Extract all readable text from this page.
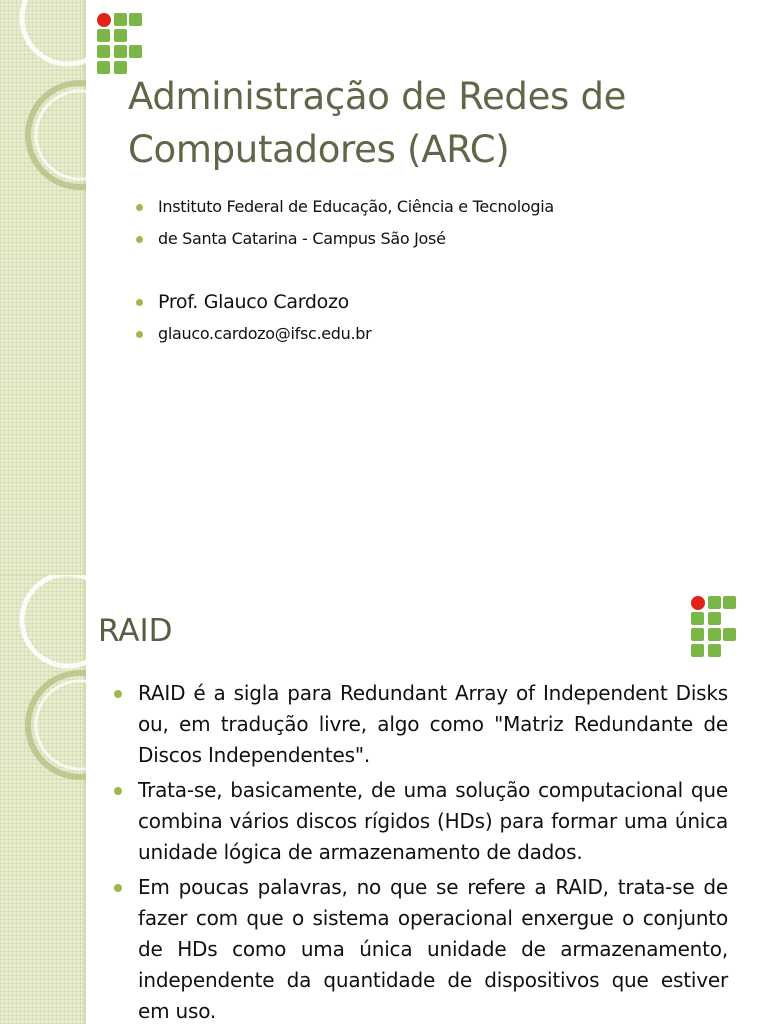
Administração de Redes de
Computadores (ARC)
Instituto Federal de Educação, Ciência e Tecnologia
de Santa Catarina - Campus São José
Prof. Glauco Cardozo
glauco.cardozo@ifsc.edu.br
RAID
RAID é a sigla para Redundant Array of Independent Disks ou, em tradução livre, algo como "Matriz Redundante de Discos Independentes".
Trata-se, basicamente, de uma solução computacional que combina vários discos rígidos (HDs) para formar uma única unidade lógica de armazenamento de dados.
Em poucas palavras, no que se refere a RAID, trata-se de fazer com que o sistema operacional enxergue o conjunto de HDs como uma única unidade de armazenamento, independente da quantidade de dispositivos que estiver em uso.
